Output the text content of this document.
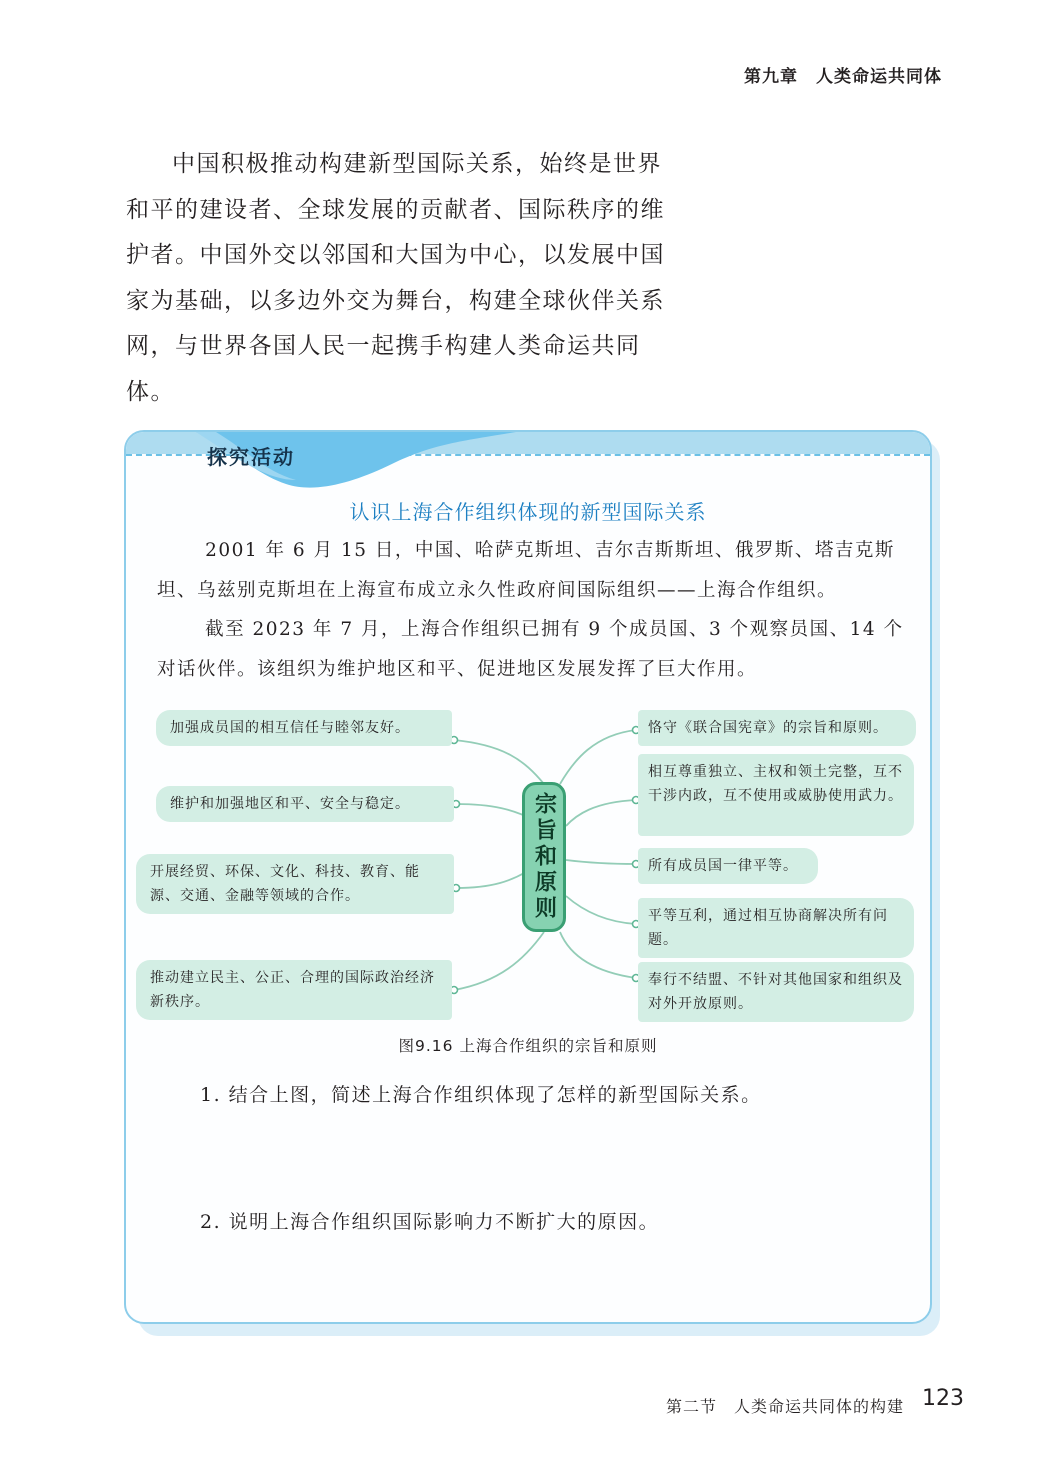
第九章　人类命运共同体

中国积极推动构建新型国际关系，始终是世界和平的建设者、全球发展的贡献者、国际秩序的维护者。中国外交以邻国和大国为中心，以发展中国家为基础，以多边外交为舞台，构建全球伙伴关系网，与世界各国人民一起携手构建人类命运共同体。

探究活动
认识上海合作组织体现的新型国际关系

2001 年 6 月 15 日，中国、哈萨克斯坦、吉尔吉斯斯坦、俄罗斯、塔吉克斯坦、乌兹别克斯坦在上海宣布成立永久性政府间国际组织——上海合作组织。

截至 2023 年 7 月，上海合作组织已拥有 9 个成员国、3 个观察员国、14 个对话伙伴。该组织为维护地区和平、促进地区发展发挥了巨大作用。

加强成员国的相互信任与睦邻友好。
维护和加强地区和平、安全与稳定。
开展经贸、环保、文化、科技、教育、能源、交通、金融等领域的合作。
推动建立民主、公正、合理的国际政治经济新秩序。
宗旨和原则
恪守《联合国宪章》的宗旨和原则。
相互尊重独立、主权和领土完整，互不干涉内政，互不使用或威胁使用武力。
所有成员国一律平等。
平等互利，通过相互协商解决所有问题。
奉行不结盟、不针对其他国家和组织及对外开放原则。
图9.16 上海合作组织的宗旨和原则
1. 结合上图，简述上海合作组织体现了怎样的新型国际关系。
2. 说明上海合作组织国际影响力不断扩大的原因。
第二节　人类命运共同体的构建 123
